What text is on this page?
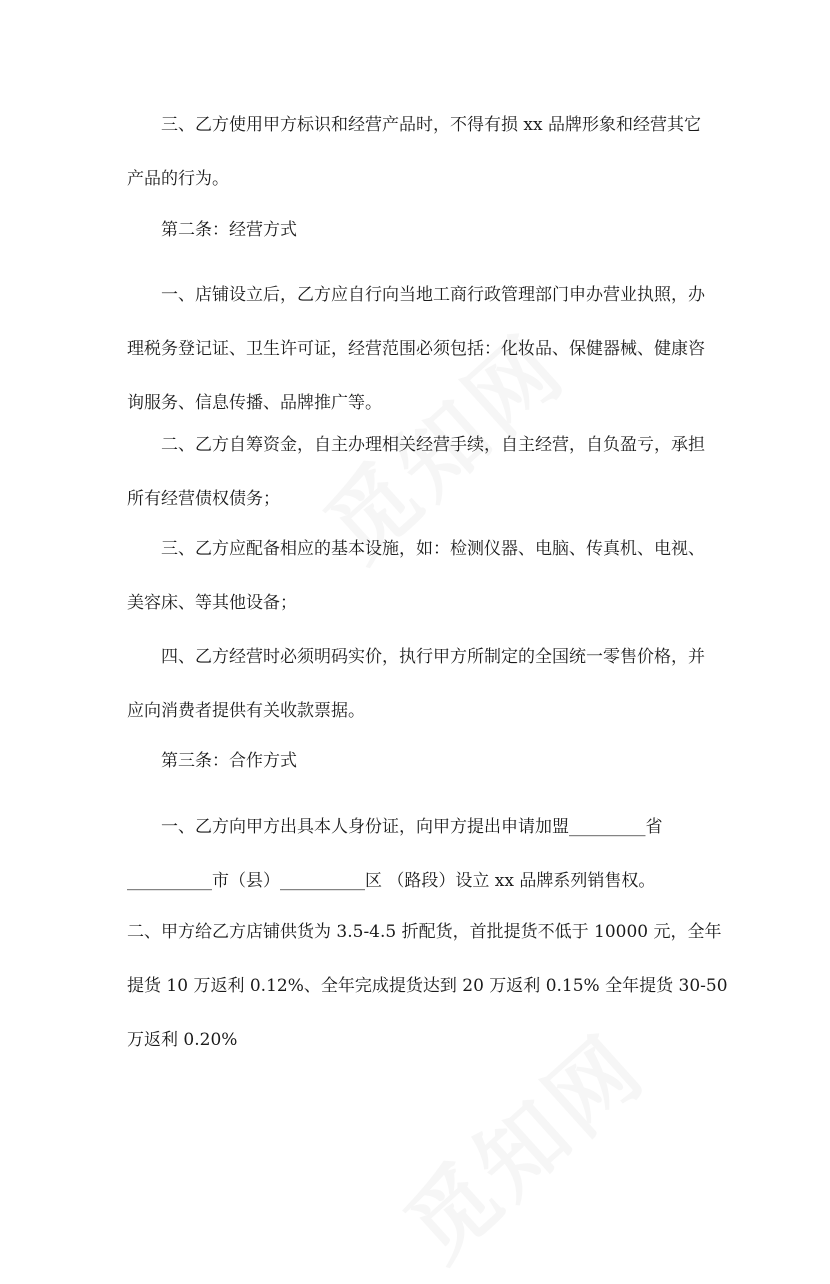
三、乙方使用甲方标识和经营产品时，不得有损 xx 品牌形象和经营其它
产品的行为。

第二条：经营方式

一、店铺设立后，乙方应自行向当地工商行政管理部门申办营业执照，办
理税务登记证、卫生许可证，经营范围必须包括：化妆品、保健器械、健康咨
询服务、信息传播、品牌推广等。

二、乙方自筹资金，自主办理相关经营手续，自主经营，自负盈亏，承担
所有经营债权债务；

三、乙方应配备相应的基本设施，如：检测仪器、电脑、传真机、电视、
美容床、等其他设备；

四、乙方经营时必须明码实价，执行甲方所制定的全国统一零售价格，并
应向消费者提供有关收款票据。

第三条：合作方式

一、乙方向甲方出具本人身份证，向甲方提出申请加盟_________省
__________市（县）__________区 （路段）设立 xx 品牌系列销售权。

二、甲方给乙方店铺供货为 3.5-4.5 折配货，首批提货不低于 10000 元，全年
提货 10 万返利 0.12%、全年完成提货达到 20 万返利 0.15% 全年提货 30-50
万返利 0.20%
